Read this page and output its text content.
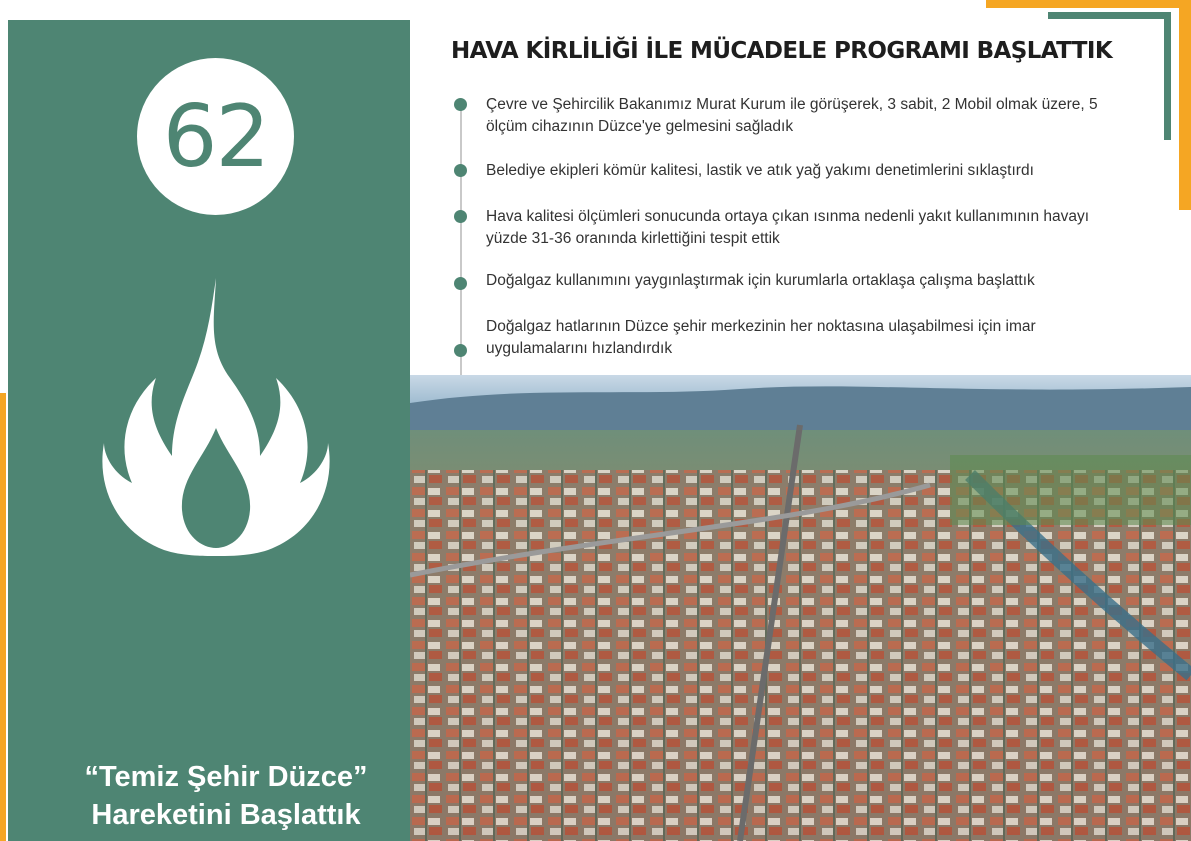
62
“Temiz Şehir Düzce”
Hareketini Başlattık
HAVA KİRLİLİĞİ İLE MÜCADELE PROGRAMI BAŞLATTIK
Çevre ve Şehircilik Bakanımız Murat Kurum ile görüşerek, 3 sabit, 2 Mobil olmak üzere, 5 ölçüm cihazının Düzce'ye gelmesini sağladık
Belediye ekipleri kömür kalitesi, lastik ve atık yağ yakımı denetimlerini sıklaştırdı
Hava kalitesi ölçümleri sonucunda ortaya çıkan ısınma nedenli yakıt kullanımının havayı yüzde 31-36 oranında kirlettiğini tespit ettik
Doğalgaz kullanımını yaygınlaştırmak için kurumlarla ortaklaşa çalışma başlattık
Doğalgaz hatlarının Düzce şehir merkezinin her noktasına ulaşabilmesi için imar uygulamalarını hızlandırdık
